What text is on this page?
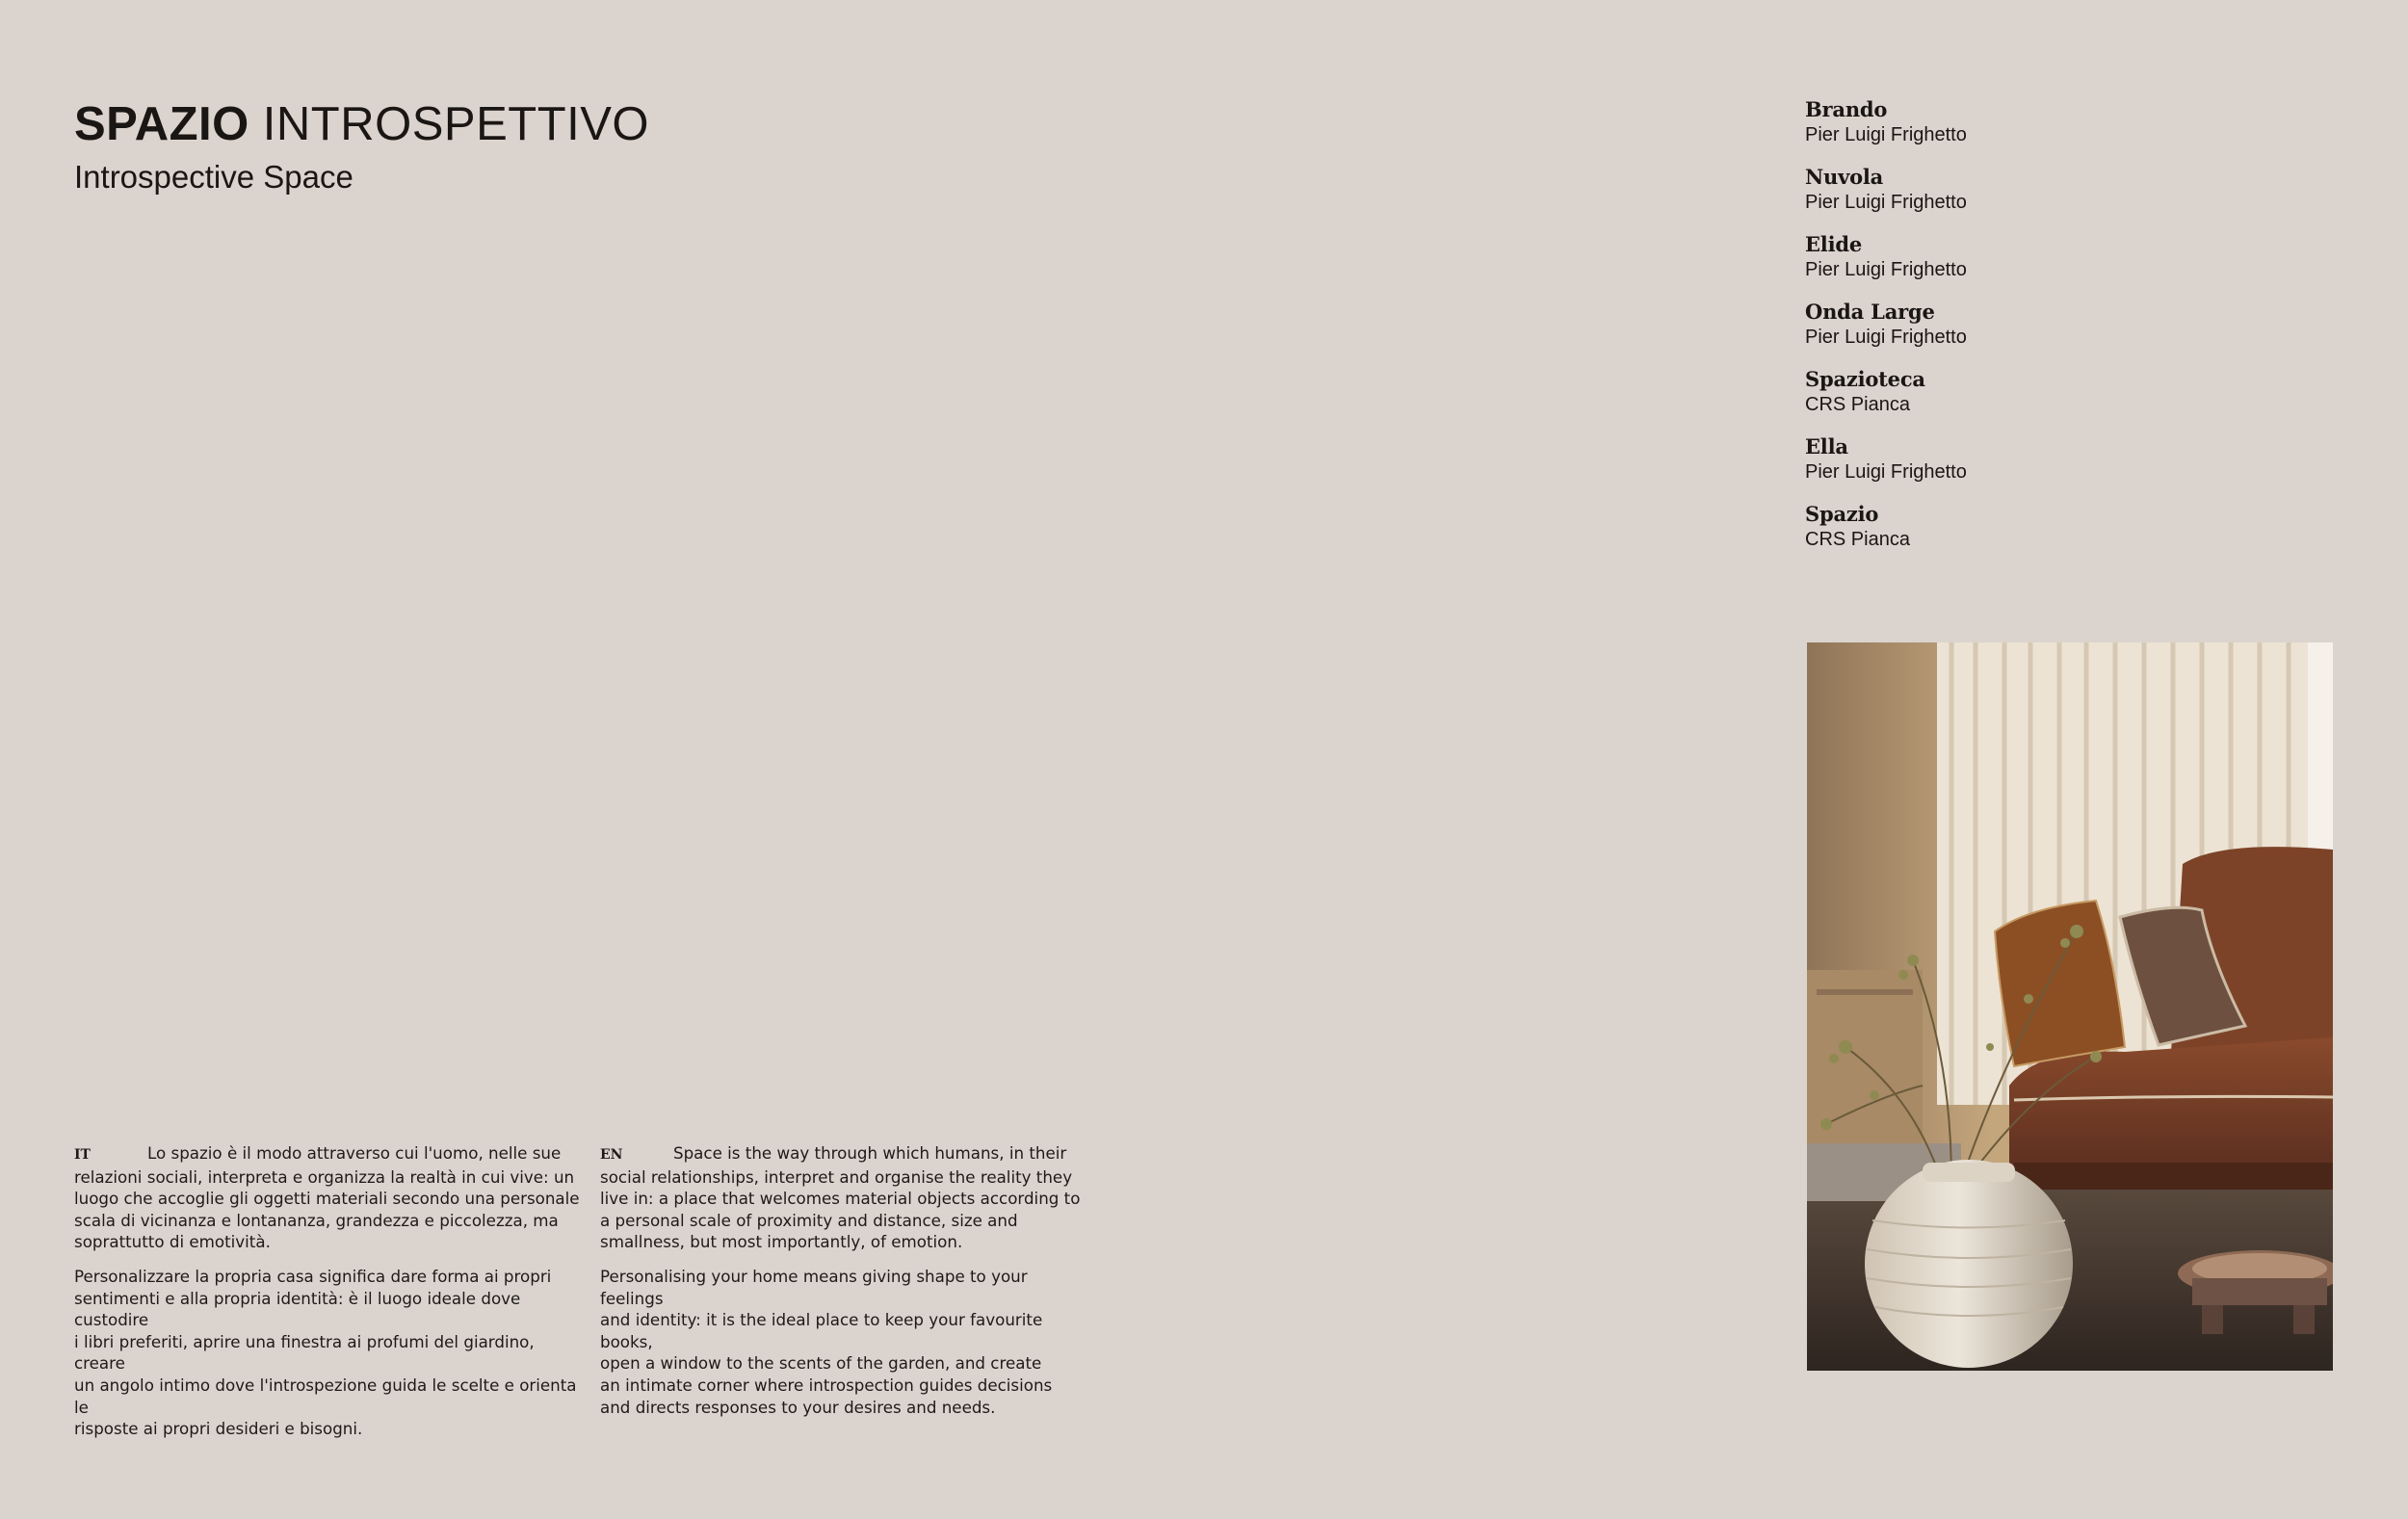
SPAZIO INTROSPETTIVO
Introspective Space
Brando
Pier Luigi Frighetto
Nuvola
Pier Luigi Frighetto
Elide
Pier Luigi Frighetto
Onda Large
Pier Luigi Frighetto
Spazioteca
CRS Pianca
Ella
Pier Luigi Frighetto
Spazio
CRS Pianca

IT	Lo spazio è il modo attraverso cui l'uomo, nelle sue
relazioni sociali, interpreta e organizza la realtà in cui vive: un
luogo che accoglie gli oggetti materiali secondo una personale
scala di vicinanza e lontananza, grandezza e piccolezza, ma
soprattutto di emotività.

Personalizzare la propria casa significa dare forma ai propri
sentimenti e alla propria identità: è il luogo ideale dove custodire
i libri preferiti, aprire una finestra ai profumi del giardino, creare
un angolo intimo dove l'introspezione guida le scelte e orienta le
risposte ai propri desideri e bisogni.

EN	Space is the way through which humans, in their
social relationships, interpret and organise the reality they
live in: a place that welcomes material objects according to
a personal scale of proximity and distance, size and
smallness, but most importantly, of emotion.

Personalising your home means giving shape to your feelings
and identity: it is the ideal place to keep your favourite books,
open a window to the scents of the garden, and create
an intimate corner where introspection guides decisions
and directs responses to your desires and needs.
